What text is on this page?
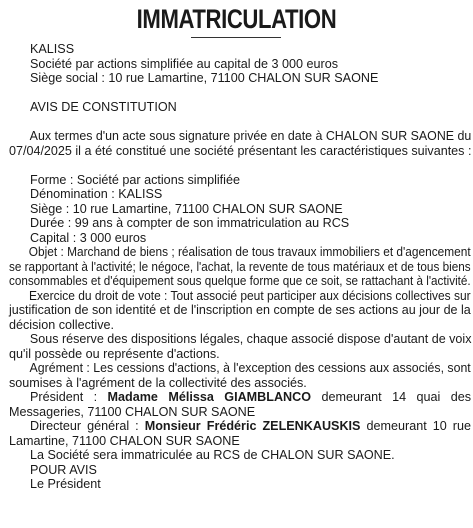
IMMATRICULATION
KALISS
Société par actions simplifiée au capital de 3 000 euros
Siège social : 10 rue Lamartine, 71100 CHALON SUR SAONE
AVIS DE CONSTITUTION
Aux termes d'un acte sous signature privée en date à CHALON SUR SAONE du
07/04/2025 il a été constitué une société présentant les caractéristiques suivantes :
Forme : Société par actions simplifiée
Dénomination : KALISS
Siège : 10 rue Lamartine, 71100 CHALON SUR SAONE
Durée : 99 ans à compter de son immatriculation au RCS
Capital : 3 000 euros
Objet : Marchand de biens ; réalisation de tous travaux immobiliers et d'agencement
se rapportant à l'activité; le négoce, l'achat, la revente de tous matériaux et de tous biens
consommables et d'équipement sous quelque forme que ce soit, se rattachant à l'activité.
Exercice du droit de vote : Tout associé peut participer aux décisions collectives sur
justification de son identité et de l'inscription en compte de ses actions au jour de la
décision collective.
Sous réserve des dispositions légales, chaque associé dispose d'autant de voix
qu'il possède ou représente d'actions.
Agrément : Les cessions d'actions, à l'exception des cessions aux associés, sont
soumises à l'agrément de la collectivité des associés.
Président : Madame Mélissa GIAMBLANCO demeurant 14 quai des
Messageries, 71100 CHALON SUR SAONE
Directeur général : Monsieur Frédéric ZELENKAUSKIS demeurant 10 rue
Lamartine, 71100 CHALON SUR SAONE
La Société sera immatriculée au RCS de CHALON SUR SAONE.
POUR AVIS
Le Président
